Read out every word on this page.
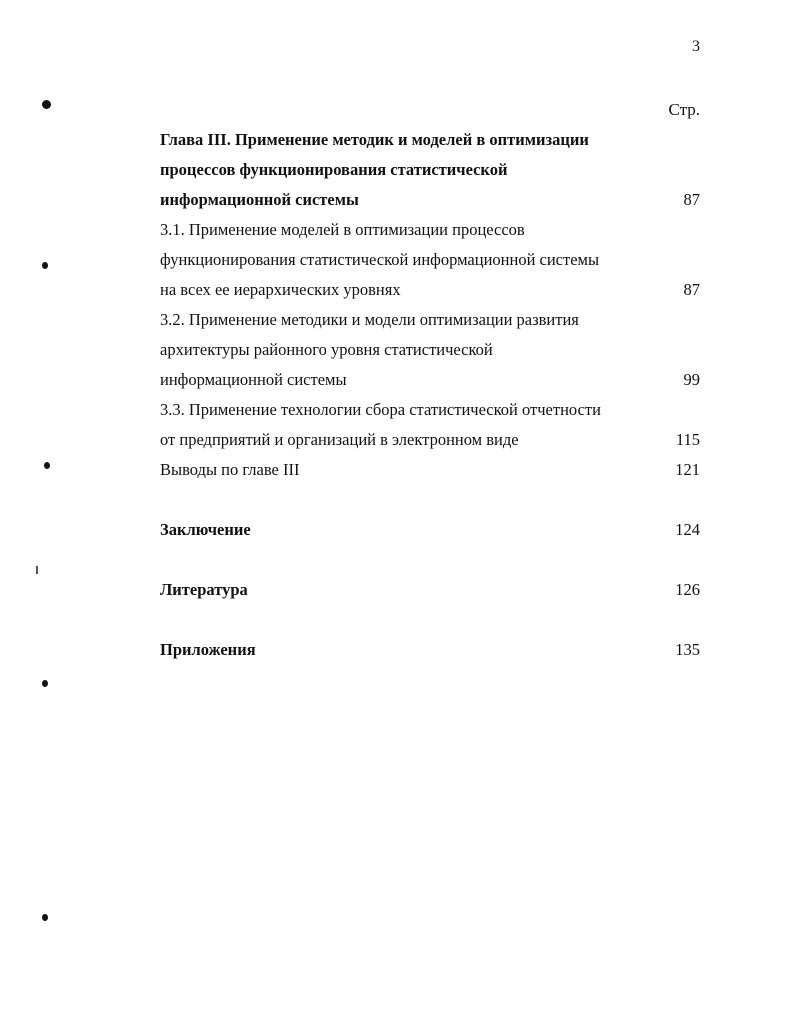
3
Стр.
Глава III. Применение методик и моделей в оптимизации
процессов функционирования статистической
информационной системы	87
3.1. Применение моделей в оптимизации процессов
функционирования статистической информационной системы
на всех ее иерархических уровнях	87
3.2. Применение методики и модели оптимизации развития
архитектуры районного уровня статистической
информационной системы	99
3.3. Применение технологии сбора статистической отчетности
от предприятий и организаций в электронном виде	115
Выводы по главе III	121
Заключение	124
Литература	126
Приложения	135
